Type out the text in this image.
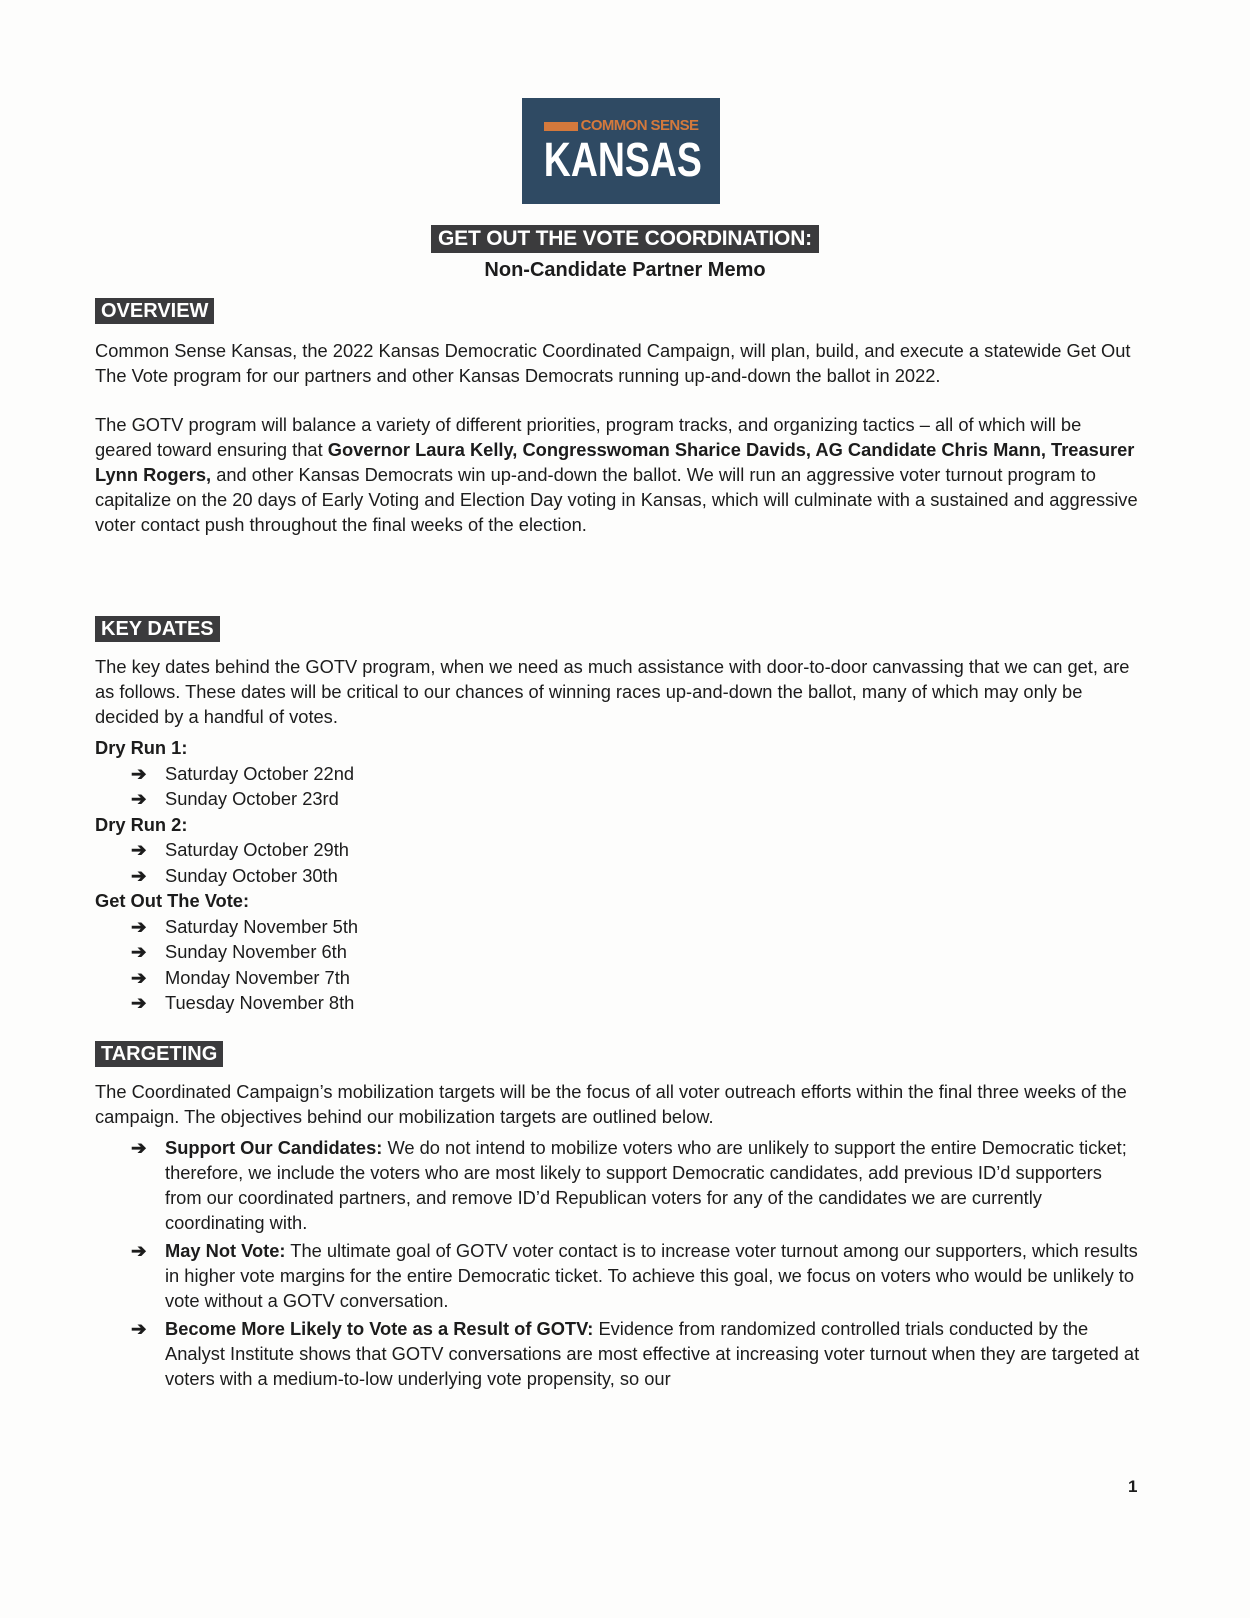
COMMON SENSE
KANSAS
GET OUT THE VOTE COORDINATION:
Non-Candidate Partner Memo
OVERVIEW

Common Sense Kansas, the 2022 Kansas Democratic Coordinated Campaign, will plan, build, and execute a statewide Get Out The Vote program for our partners and other Kansas Democrats running up-and-down the ballot in 2022.

The GOTV program will balance a variety of different priorities, program tracks, and organizing tactics – all of which will be geared toward ensuring that Governor Laura Kelly, Congresswoman Sharice Davids, AG Candidate Chris Mann, Treasurer Lynn Rogers, and other Kansas Democrats win up-and-down the ballot. We will run an aggressive voter turnout program to capitalize on the 20 days of Early Voting and Election Day voting in Kansas, which will culminate with a sustained and aggressive voter contact push throughout the final weeks of the election.

KEY DATES

The key dates behind the GOTV program, when we need as much assistance with door-to-door canvassing that we can get, are as follows. These dates will be critical to our chances of winning races up-and-down the ballot, many of which may only be decided by a handful of votes.

Dry Run 1:
➔	Saturday October 22nd
➔	Sunday October 23rd
Dry Run 2:
➔	Saturday October 29th
➔	Sunday October 30th
Get Out The Vote:
➔	Saturday November 5th
➔	Sunday November 6th
➔	Monday November 7th
➔	Tuesday November 8th
TARGETING

The Coordinated Campaign’s mobilization targets will be the focus of all voter outreach efforts within the final three weeks of the campaign. The objectives behind our mobilization targets are outlined below.

➔	Support Our Candidates: We do not intend to mobilize voters who are unlikely to support the entire Democratic ticket; therefore, we include the voters who are most likely to support Democratic candidates, add previous ID’d supporters from our coordinated partners, and remove ID’d Republican voters for any of the candidates we are currently coordinating with.
➔	May Not Vote: The ultimate goal of GOTV voter contact is to increase voter turnout among our supporters, which results in higher vote margins for the entire Democratic ticket. To achieve this goal, we focus on voters who would be unlikely to vote without a GOTV conversation.
➔	Become More Likely to Vote as a Result of GOTV: Evidence from randomized controlled trials conducted by the Analyst Institute shows that GOTV conversations are most effective at increasing voter turnout when they are targeted at voters with a medium-to-low underlying vote propensity, so our
1
